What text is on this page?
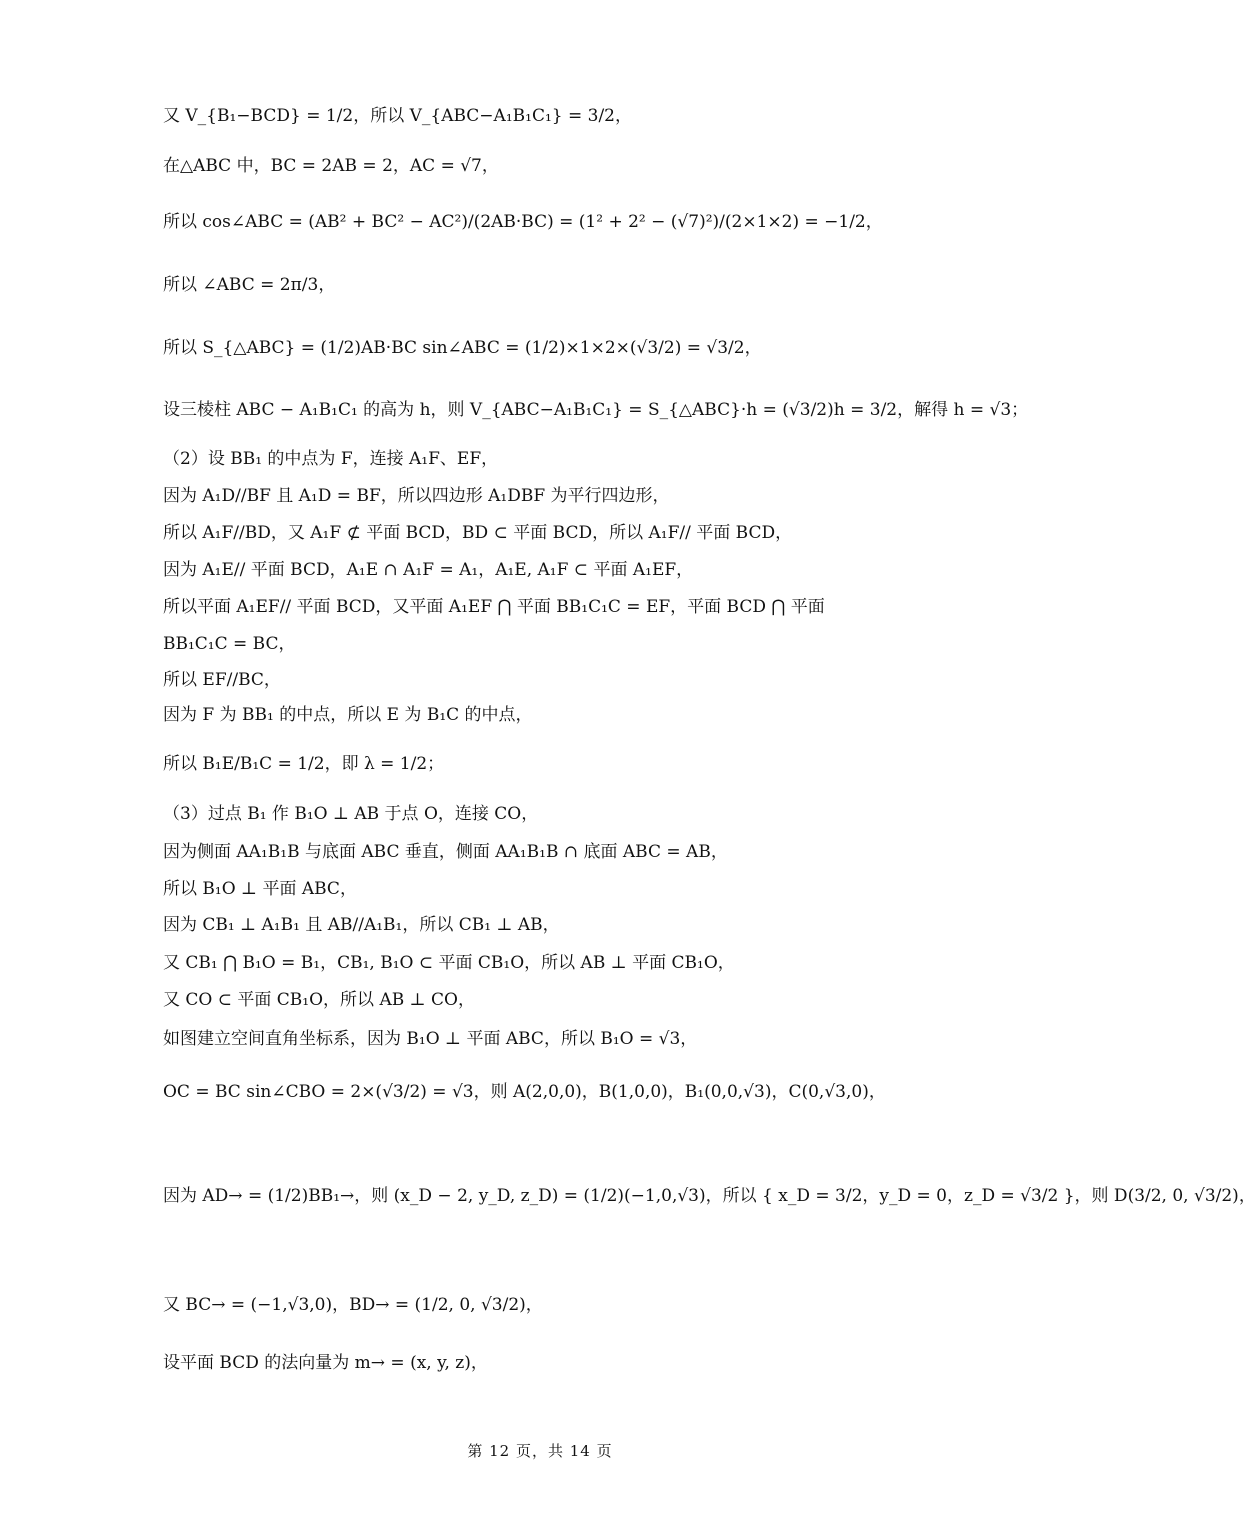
又 V_{B₁−BCD} = 1/2，所以 V_{ABC−A₁B₁C₁} = 3/2，
在△ABC 中，BC = 2AB = 2，AC = √7，
所以 cos∠ABC = (AB² + BC² − AC²)/(2AB·BC) = (1² + 2² − (√7)²)/(2×1×2) = −1/2，
所以 ∠ABC = 2π/3，
所以 S_{△ABC} = (1/2)AB·BC sin∠ABC = (1/2)×1×2×(√3/2) = √3/2，
设三棱柱 ABC − A₁B₁C₁ 的高为 h，则 V_{ABC−A₁B₁C₁} = S_{△ABC}·h = (√3/2)h = 3/2，解得 h = √3；
（2）设 BB₁ 的中点为 F，连接 A₁F、EF，
因为 A₁D//BF 且 A₁D = BF，所以四边形 A₁DBF 为平行四边形，
所以 A₁F//BD，又 A₁F ⊄ 平面 BCD，BD ⊂ 平面 BCD，所以 A₁F// 平面 BCD，
因为 A₁E// 平面 BCD，A₁E ∩ A₁F = A₁，A₁E, A₁F ⊂ 平面 A₁EF，
所以平面 A₁EF// 平面 BCD，又平面 A₁EF ⋂ 平面 BB₁C₁C = EF，平面 BCD ⋂ 平面
BB₁C₁C = BC，
所以 EF//BC，
因为 F 为 BB₁ 的中点，所以 E 为 B₁C 的中点，
所以 B₁E/B₁C = 1/2，即 λ = 1/2；
（3）过点 B₁ 作 B₁O ⊥ AB 于点 O，连接 CO，
因为侧面 AA₁B₁B 与底面 ABC 垂直，侧面 AA₁B₁B ∩ 底面 ABC = AB，
所以 B₁O ⊥ 平面 ABC，
因为 CB₁ ⊥ A₁B₁ 且 AB//A₁B₁，所以 CB₁ ⊥ AB，
又 CB₁ ⋂ B₁O = B₁，CB₁, B₁O ⊂ 平面 CB₁O，所以 AB ⊥ 平面 CB₁O，
又 CO ⊂ 平面 CB₁O，所以 AB ⊥ CO，
如图建立空间直角坐标系，因为 B₁O ⊥ 平面 ABC，所以 B₁O = √3，
OC = BC sin∠CBO = 2×(√3/2) = √3，则 A(2,0,0)，B(1,0,0)，B₁(0,0,√3)，C(0,√3,0)，
因为 AD→ = (1/2)BB₁→，则 (x_D − 2, y_D, z_D) = (1/2)(−1,0,√3)，所以 { x_D = 3/2，y_D = 0，z_D = √3/2 }，则 D(3/2, 0, √3/2)，
又 BC→ = (−1,√3,0)，BD→ = (1/2, 0, √3/2)，
设平面 BCD 的法向量为 m→ = (x, y, z)，
第 12 页，共 14 页
